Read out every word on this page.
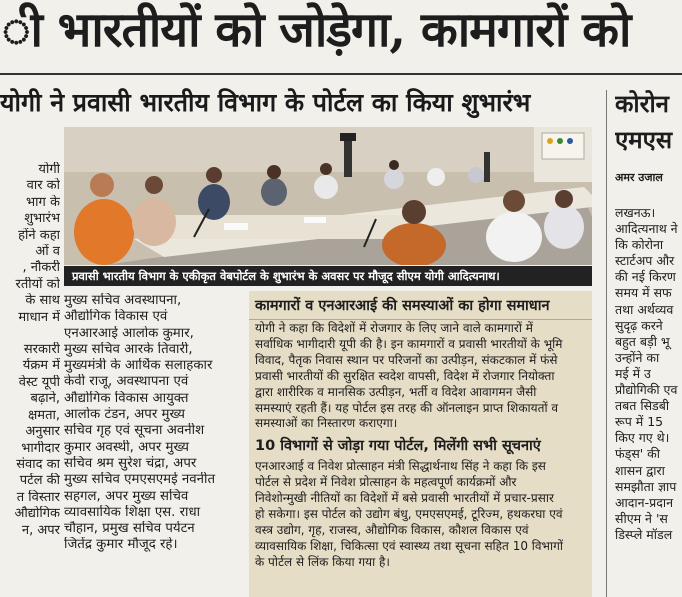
ी भारतीयों को जोड़ेगा, कामगारों को
योगी ने प्रवासी भारतीय विभाग के पोर्टल का किया शुभारंभ	कोरोन
एमएस
अमर उजाल
योगी
वार को
भाग के
शुभारंभ
होंने कहा
ओं व
, नौकरी
रतीयों को
के साथ
माधान में
सरकारी
र्यक्रम में
वेस्ट यूपी
बढ़ाने,
क्षमता,
अनुसार
भागीदार
संवाद का
पर्टल की
त विस्तार
औद्योगिक
न, अपर
प्रवासी भारतीय विभाग के एकीकृत वेबपोर्टल के शुभारंभ के अवसर पर मौजूद सीएम योगी आदित्यनाथ।
मुख्य सचिव अवस्थापना,
औद्योगिक विकास एवं
एनआरआई आलोक कुमार,
मुख्य सचिव आरके तिवारी,
मुख्यमंत्री के आर्थिक सलाहकार
केवी राजू, अवस्थापना एवं
औद्योगिक विकास आयुक्त
आलोक टंडन, अपर मुख्य
सचिव गृह एवं सूचना अवनीश
कुमार अवस्थी, अपर मुख्य
सचिव श्रम सुरेश चंद्रा, अपर
मुख्य सचिव एमएसएमई नवनीत
सहगल, अपर मुख्य सचिव
व्यावसायिक शिक्षा एस. राधा
चौहान, प्रमुख सचिव पर्यटन
जितेंद्र कुमार मौजूद रहे।
कामगारों व एनआरआई की समस्याओं का होगा समाधान
योगी ने कहा कि विदेशों में रोजगार के लिए जाने वाले कामगारों में
सर्वाधिक भागीदारी यूपी की है। इन कामगारों व प्रवासी भारतीयों के भूमि
विवाद, पैतृक निवास स्थान पर परिजनों का उत्पीड़न, संकटकाल में फंसे
प्रवासी भारतीयों की सुरक्षित स्वदेश वापसी, विदेश में रोजगार नियोक्ता
द्वारा शारीरिक व मानसिक उत्पीड़न, भर्ती व विदेश आवागमन जैसी
समस्याएं रहती हैं। यह पोर्टल इस तरह की ऑनलाइन प्राप्त शिकायतों व
समस्याओं का निस्तारण कराएगा।
10 विभागों से जोड़ा गया पोर्टल, मिलेंगी सभी सूचनाएं
एनआरआई व निवेश प्रोत्साहन मंत्री सिद्धार्थनाथ सिंह ने कहा कि इस
पोर्टल से प्रदेश में निवेश प्रोत्साहन के महत्वपूर्ण कार्यक्रमों और
निवेशोन्मुखी नीतियों का विदेशों में बसे प्रवासी भारतीयों में प्रचार-प्रसार
हो सकेगा। इस पोर्टल को उद्योग बंधु, एमएसएमई, टूरिज्म, हथकरघा एवं
वस्त्र उद्योग, गृह, राजस्व, औद्योगिक विकास, कौशल विकास एवं
व्यावसायिक शिक्षा, चिकित्सा एवं स्वास्थ्य तथा सूचना सहित 10 विभागों
के पोर्टल से लिंक किया गया है।
लखनऊ।
आदित्यनाथ ने
कि कोरोना
स्टार्टअप और
की नई किरण
समय में सफ
तथा अर्थव्यव
सुदृढ़ करने
बहुत बड़ी भू
उन्होंने का
मई में उ
प्रौद्योगिकी एव
तबत सिडबी
रूप में 15
किए गए थे।
फंड्स' की
शासन द्वारा
समझौता ज्ञाप
आदान-प्रदान
सीएम ने 'स
डिस्प्ले मॉडल
